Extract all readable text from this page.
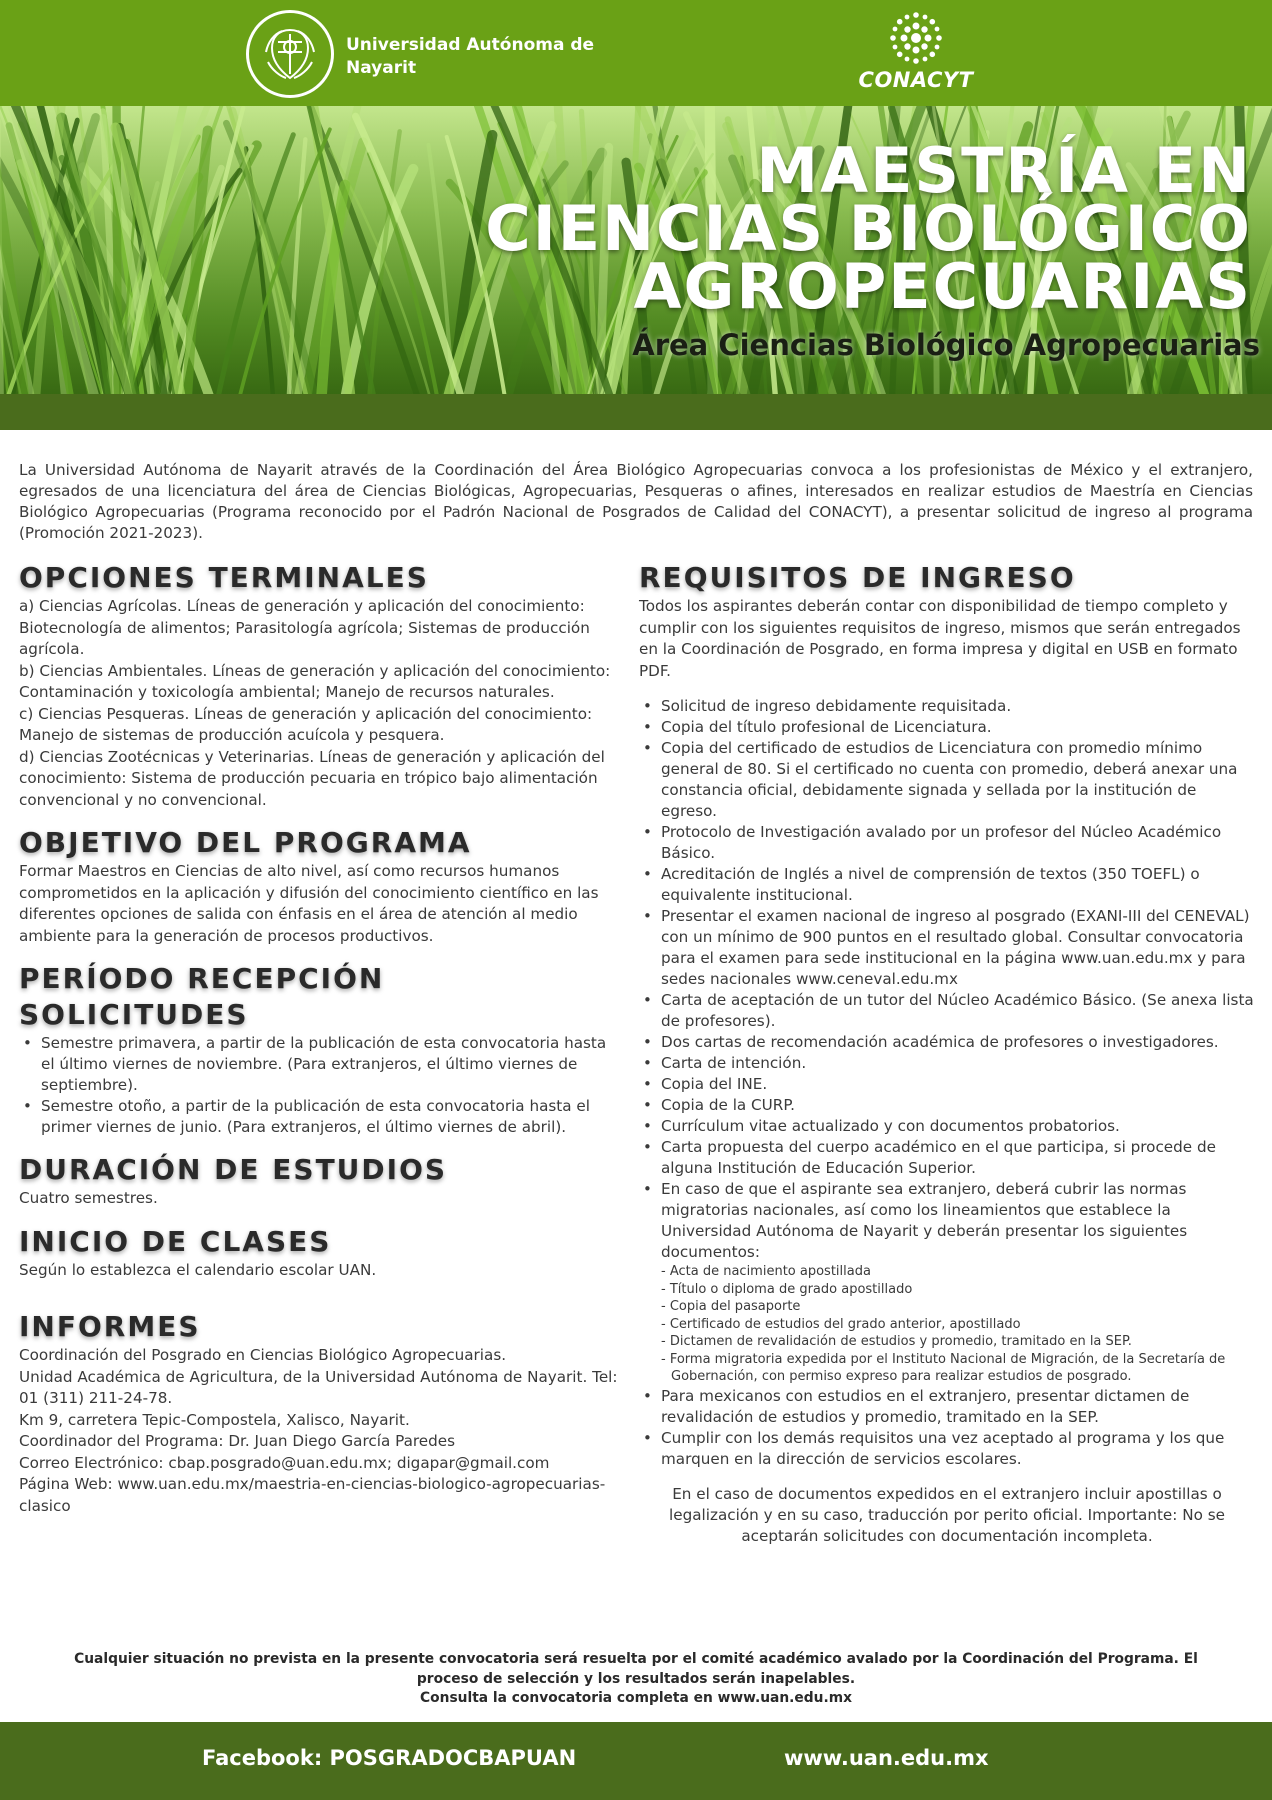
Universidad Autónoma de Nayarit	CONACYT
MAESTRÍA EN
CIENCIAS BIOLÓGICO
AGROPECUARIAS
Área Ciencias Biológico Agropecuarias
La Universidad Autónoma de Nayarit através de la Coordinación del Área Biológico Agropecuarias convoca a los profesionistas de México y el extranjero, egresados de una licenciatura del área de Ciencias Biológicas, Agropecuarias, Pesqueras o afines, interesados en realizar estudios de Maestría en Ciencias Biológico Agropecuarias (Programa reconocido por el Padrón Nacional de Posgrados de Calidad del CONACYT), a presentar solicitud de ingreso al programa (Promoción 2021-2023).
OPCIONES TERMINALES
a) Ciencias Agrícolas. Líneas de generación y aplicación del conocimiento: Biotecnología de alimentos; Parasitología agrícola; Sistemas de producción agrícola.
b) Ciencias Ambientales. Líneas de generación y aplicación del conocimiento: Contaminación y toxicología ambiental; Manejo de recursos naturales.
c) Ciencias Pesqueras. Líneas de generación y aplicación del conocimiento: Manejo de sistemas de producción acuícola y pesquera.
d) Ciencias Zootécnicas y Veterinarias. Líneas de generación y aplicación del conocimiento: Sistema de producción pecuaria en trópico bajo alimentación convencional y no convencional.
OBJETIVO DEL PROGRAMA
Formar Maestros en Ciencias de alto nivel, así como recursos humanos comprometidos en la aplicación y difusión del conocimiento científico en las diferentes opciones de salida con énfasis en el área de atención al medio ambiente para la generación de procesos productivos.
PERÍODO RECEPCIÓN SOLICITUDES
• Semestre primavera, a partir de la publicación de esta convocatoria hasta el último viernes de noviembre. (Para extranjeros, el último viernes de septiembre).
• Semestre otoño, a partir de la publicación de esta convocatoria hasta el primer viernes de junio. (Para extranjeros, el último viernes de abril).
DURACIÓN DE ESTUDIOS
Cuatro semestres.
INICIO DE CLASES
Según lo establezca el calendario escolar UAN.
INFORMES
Coordinación del Posgrado en Ciencias Biológico Agropecuarias.
Unidad Académica de Agricultura, de la Universidad Autónoma de Nayarit. Tel: 01 (311) 211-24-78.
Km 9, carretera Tepic-Compostela, Xalisco, Nayarit.
Coordinador del Programa: Dr. Juan Diego García Paredes
Correo Electrónico: cbap.posgrado@uan.edu.mx; digapar@gmail.com
Página Web: www.uan.edu.mx/maestria-en-ciencias-biologico-agropecuarias-clasico
REQUISITOS DE INGRESO
Todos los aspirantes deberán contar con disponibilidad de tiempo completo y cumplir con los siguientes requisitos de ingreso, mismos que serán entregados en la Coordinación de Posgrado, en forma impresa y digital en USB en formato PDF.
• Solicitud de ingreso debidamente requisitada.
• Copia del título profesional de Licenciatura.
• Copia del certificado de estudios de Licenciatura con promedio mínimo general de 80. Si el certificado no cuenta con promedio, deberá anexar una constancia oficial, debidamente signada y sellada por la institución de egreso.
• Protocolo de Investigación avalado por un profesor del Núcleo Académico Básico.
• Acreditación de Inglés a nivel de comprensión de textos (350 TOEFL) o equivalente institucional.
• Presentar el examen nacional de ingreso al posgrado (EXANI-III del CENEVAL) con un mínimo de 900 puntos en el resultado global. Consultar convocatoria para el examen para sede institucional en la página www.uan.edu.mx y para sedes nacionales www.ceneval.edu.mx
• Carta de aceptación de un tutor del Núcleo Académico Básico. (Se anexa lista de profesores).
• Dos cartas de recomendación académica de profesores o investigadores.
• Carta de intención.
• Copia del INE.
• Copia de la CURP.
• Currículum vitae actualizado y con documentos probatorios.
• Carta propuesta del cuerpo académico en el que participa, si procede de alguna Institución de Educación Superior.
• En caso de que el aspirante sea extranjero, deberá cubrir las normas migratorias nacionales, así como los lineamientos que establece la Universidad Autónoma de Nayarit y deberán presentar los siguientes documentos:
- Acta de nacimiento apostillada
- Título o diploma de grado apostillado
- Copia del pasaporte
- Certificado de estudios del grado anterior, apostillado
- Dictamen de revalidación de estudios y promedio, tramitado en la SEP.
- Forma migratoria expedida por el Instituto Nacional de Migración, de la Secretaría de Gobernación, con permiso expreso para realizar estudios de posgrado.
• Para mexicanos con estudios en el extranjero, presentar dictamen de revalidación de estudios y promedio, tramitado en la SEP.
• Cumplir con los demás requisitos una vez aceptado al programa y los que marquen en la dirección de servicios escolares.
En el caso de documentos expedidos en el extranjero incluir apostillas o legalización y en su caso, traducción por perito oficial. Importante: No se aceptarán solicitudes con documentación incompleta.
Cualquier situación no prevista en la presente convocatoria será resuelta por el comité académico avalado por la Coordinación del Programa. El proceso de selección y los resultados serán inapelables.
Consulta la convocatoria completa en www.uan.edu.mx
Facebook: POSGRADOCBAPUAN	www.uan.edu.mx
